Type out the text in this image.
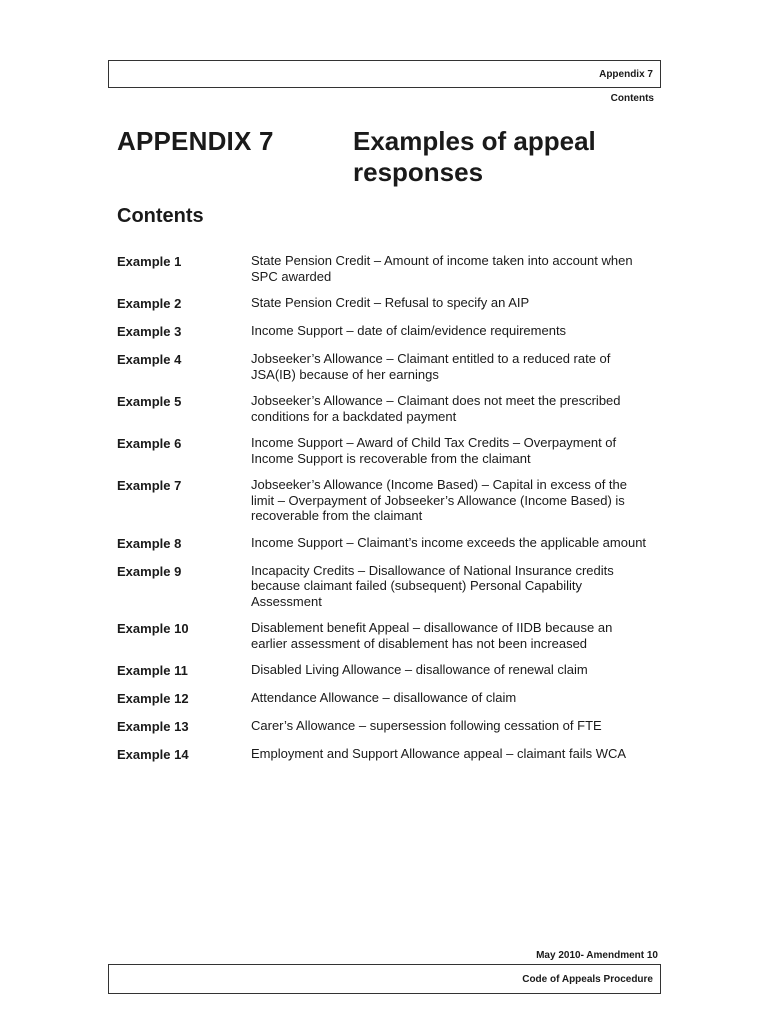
Appendix 7
Contents
APPENDIX 7	Examples of appeal responses
Contents
Example 1	State Pension Credit – Amount of income taken into account when SPC awarded
Example 2	State Pension Credit – Refusal to specify an AIP
Example 3	Income Support – date of claim/evidence requirements
Example 4	Jobseeker’s Allowance – Claimant entitled to a reduced rate of JSA(IB) because of her earnings
Example 5	Jobseeker’s Allowance – Claimant does not meet the prescribed conditions for a backdated payment
Example 6	Income Support – Award of Child Tax Credits – Overpayment of Income Support is recoverable from the claimant
Example 7	Jobseeker’s Allowance (Income Based) – Capital in excess of the limit – Overpayment of Jobseeker’s Allowance (Income Based) is recoverable from the claimant
Example 8	Income Support – Claimant’s income exceeds the applicable amount
Example 9	Incapacity Credits – Disallowance of National Insurance credits because claimant failed (subsequent) Personal Capability Assessment
Example 10	Disablement benefit Appeal – disallowance of IIDB because an earlier assessment of disablement has not been increased
Example 11	Disabled Living Allowance – disallowance of renewal claim
Example 12	Attendance Allowance – disallowance of claim
Example 13	Carer’s Allowance – supersession following cessation of FTE
Example 14	Employment and Support Allowance appeal – claimant fails WCA
May 2010- Amendment 10
Code of Appeals Procedure
